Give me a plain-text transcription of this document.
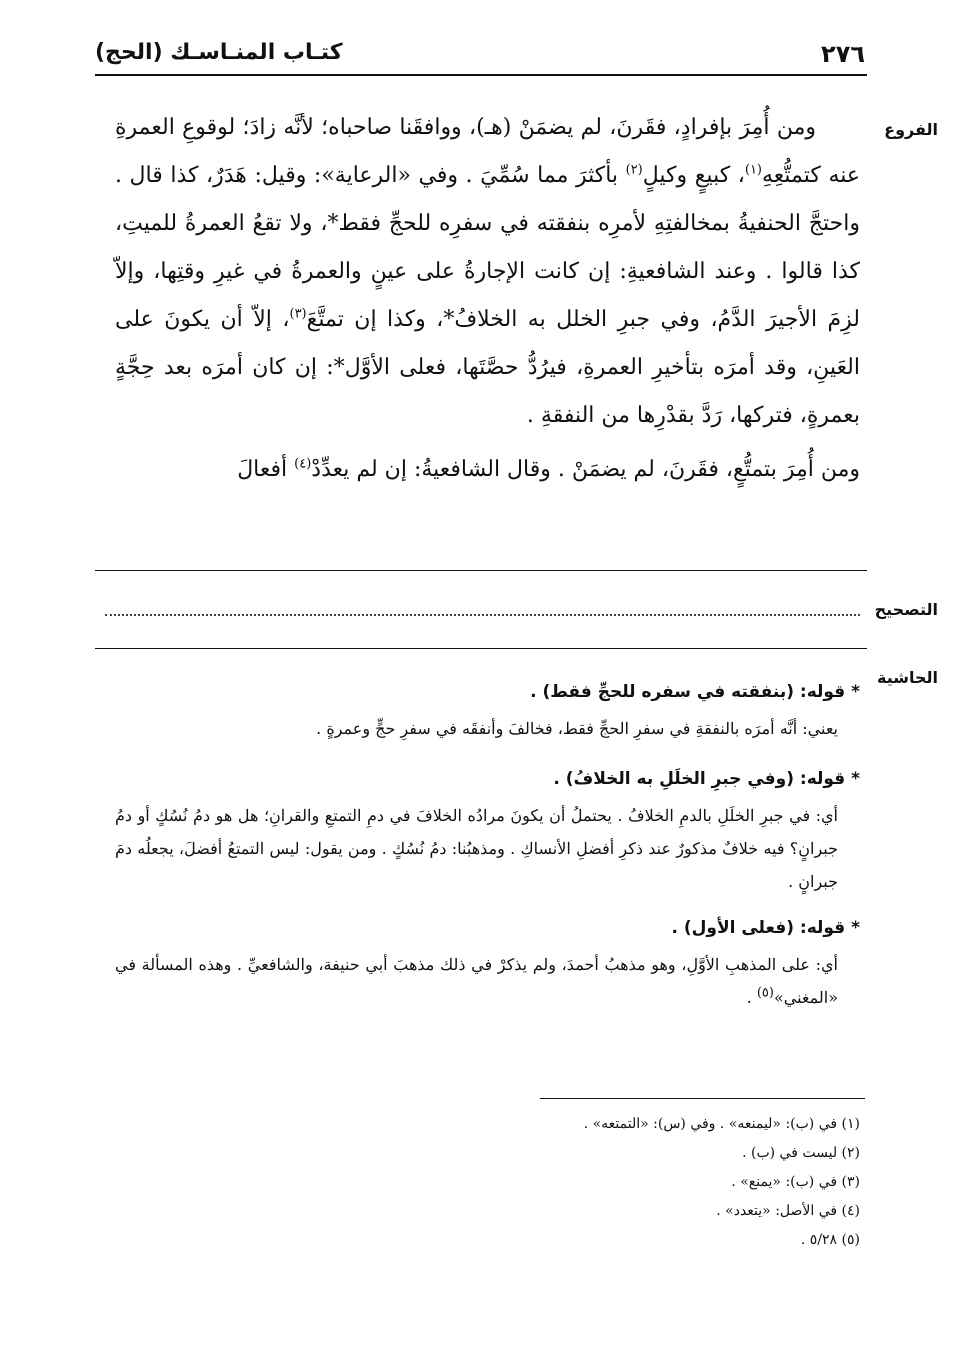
٢٧٦
كتـاب المنـاسـك (الحج)
الفروع
التصحيح
الحاشية

ومن أُمِرَ بإفرادٍ، فقَرنَ، لم يضمَنْ (هـ)، ووافقَنا صاحباه؛ لأنَّه زادَ؛ لوقوعِ العمرةِ عنه كتمتُّعِهِ$^{(١)}$، كبيعٍ وكيلٍ$^{(٢)}$ بأكثرَ مما سُمِّيَ . وفي «الرعاية»: وقيل: هَدَرٌ، كذا قال . واحتجَّ الحنفيةُ بمخالفتِهِ لأمرِه بنفقته في سفرِه للحجِّ فقط*، ولا تقعُ العمرةُ للميتِ، كذا قالوا . وعند الشافعيةِ: إن كانت الإجارةُ على عينٍ والعمرةُ في غيرِ وقتِها، وإلاّ لزِمَ الأجيرَ الدَّمُ، وفي جبرِ الخلل به الخلافُ*، وكذا إن تمتَّعَ$^{(٣)}$، إلاّ أن يكونَ على العَينِ، وقد أمرَه بتأخيرِ العمرةِ، فيرُدُّ حصَّتَها، فعلى الأوَّل*: إن كان أمرَه بعد حِجَّةٍ بعمرةٍ، فتركها، رَدَّ بقدْرِها من النفقةِ .

ومن أُمِرَ بتمتُّعٍ، فقَرنَ، لم يضمَنْ . وقال الشافعيةُ: إن لم يعدِّدْ$^{(٤)}$ أفعالَ

* قوله: (بنفقته في سفره للحجِّ فقط) .

يعني: أنَّه أمرَه بالنفقةِ في سفرِ الحجِّ فقط، فخالفَ وأنفقَه في سفرِ حجٍّ وعمرةٍ .

* قوله: (وفي جبرِ الخلَلِ به الخلافُ) .

أي: في جبرِ الخلَلِ بالدمِ الخلافُ . يحتملُ أن يكونَ مرادُه الخلافَ في دمِ التمتعِ والقرانِ؛ هل هو دمُ نُسُكٍ أو دمُ جبرانٍ؟ فيه خلافٌ مذكورٌ عند ذكرِ أفضلِ الأنساكِ . ومذهبُنا: دمُ نُسُكٍ . ومن يقول: ليس التمتعُ أفضلَ، يجعلُه دمَ جبرانٍ .

* قوله: (فعلى الأول) .

أي: على المذهبِ الأوَّلِ، وهو مذهبُ أحمدَ، ولم يذكرْ في ذلك مذهبَ أبي حنيفة، والشافعيِّ . وهذه المسألة في «المغني»$^{(٥)}$ .

(١) في (ب): «ليمنعه» . وفي (س): «التمتعه» .
(٢) ليست في (ب) .
(٣) في (ب): «يمنع» .
(٤) في الأصل: «يتعدد» .
(٥) ٥/٢٨ .
